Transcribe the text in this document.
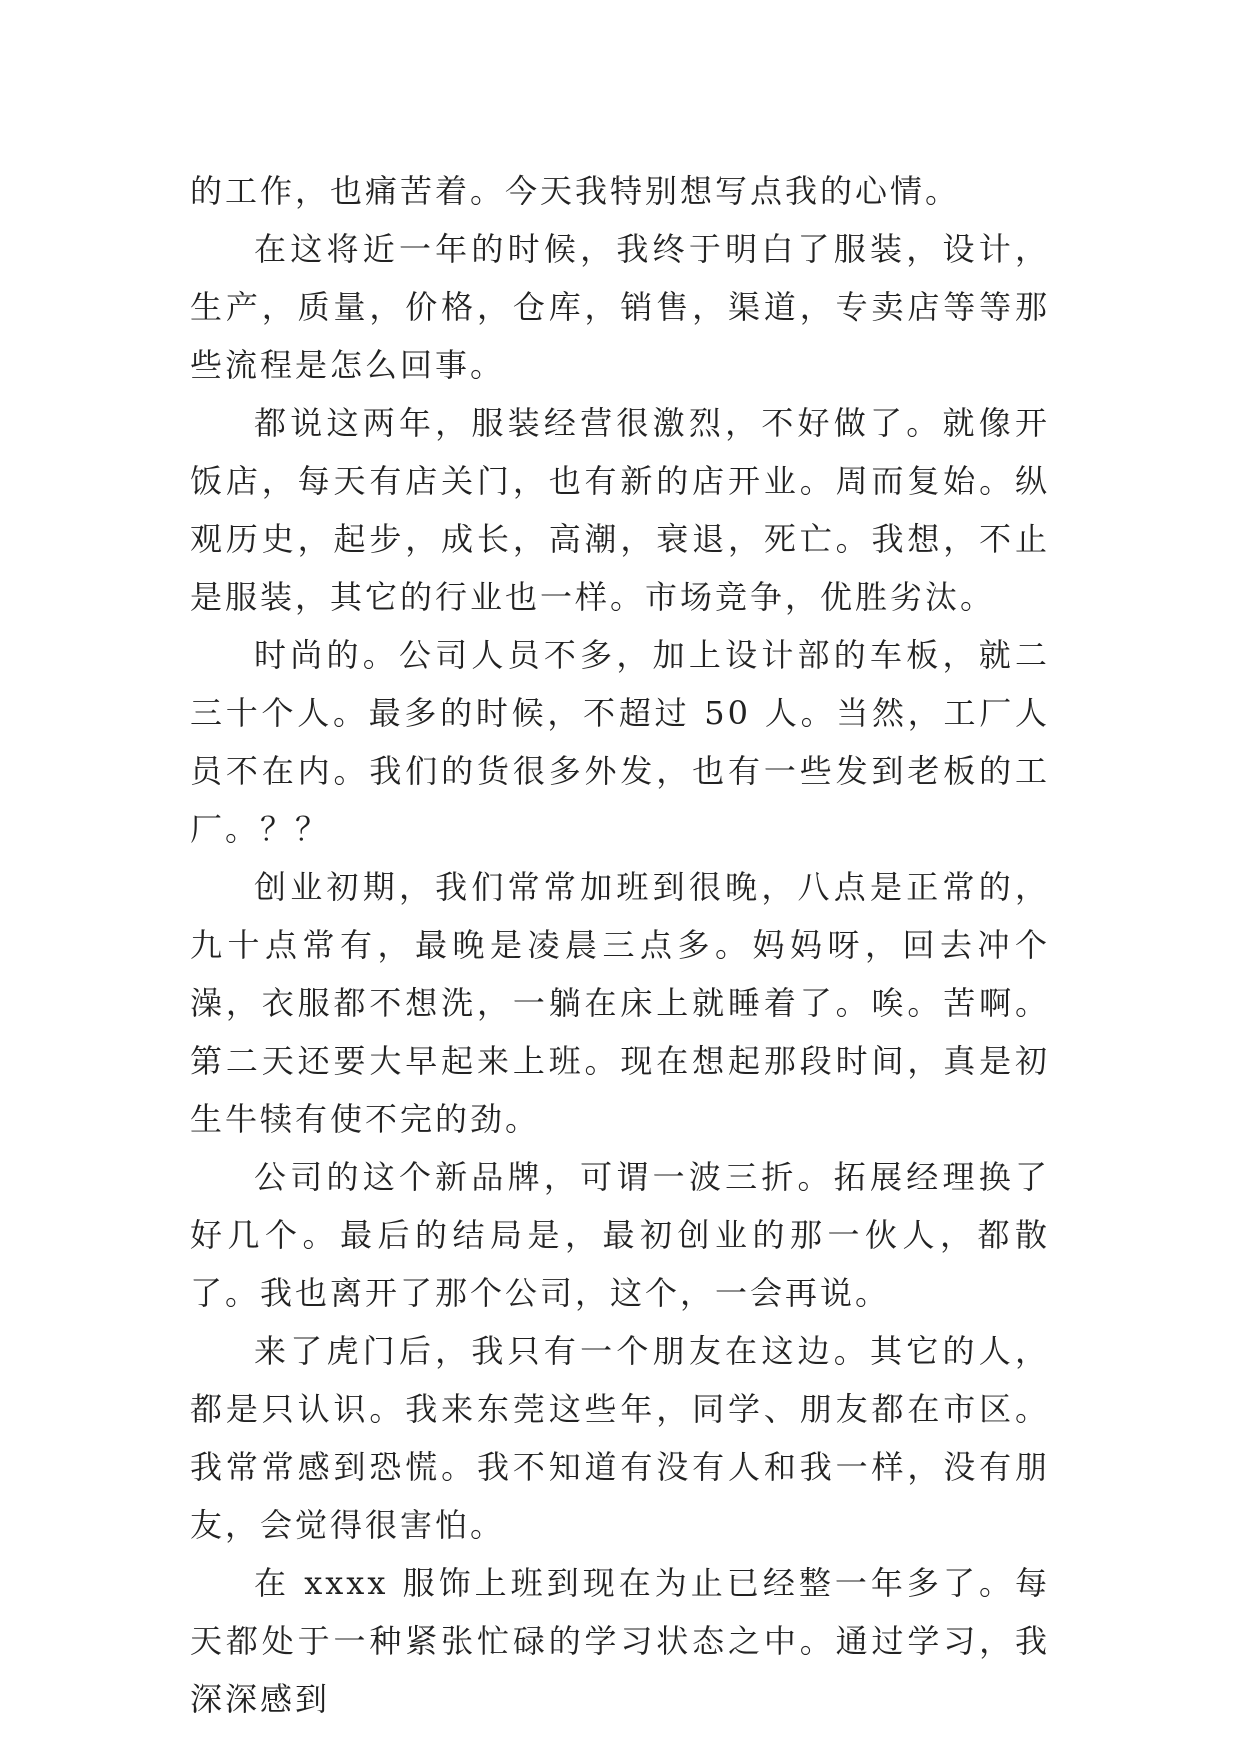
的工作，也痛苦着。今天我特别想写点我的心情。

在这将近一年的时候，我终于明白了服装，设计，生产，质量，价格，仓库，销售，渠道，专卖店等等那些流程是怎么回事。

都说这两年，服装经营很激烈，不好做了。就像开饭店，每天有店关门，也有新的店开业。周而复始。纵观历史，起步，成长，高潮，衰退，死亡。我想，不止是服装，其它的行业也一样。市场竞争，优胜劣汰。

时尚的。公司人员不多，加上设计部的车板，就二三十个人。最多的时候，不超过 50 人。当然，工厂人员不在内。我们的货很多外发，也有一些发到老板的工厂。？？

创业初期，我们常常加班到很晚，八点是正常的，九十点常有，最晚是凌晨三点多。妈妈呀，回去冲个澡，衣服都不想洗，一躺在床上就睡着了。唉。苦啊。第二天还要大早起来上班。现在想起那段时间，真是初生牛犊有使不完的劲。

公司的这个新品牌，可谓一波三折。拓展经理换了好几个。最后的结局是，最初创业的那一伙人，都散了。我也离开了那个公司，这个，一会再说。

来了虎门后，我只有一个朋友在这边。其它的人，都是只认识。我来东莞这些年，同学、朋友都在市区。我常常感到恐慌。我不知道有没有人和我一样，没有朋友，会觉得很害怕。

在 xxxx 服饰上班到现在为止已经整一年多了。每天都处于一种紧张忙碌的学习状态之中。通过学习，我深深感到
